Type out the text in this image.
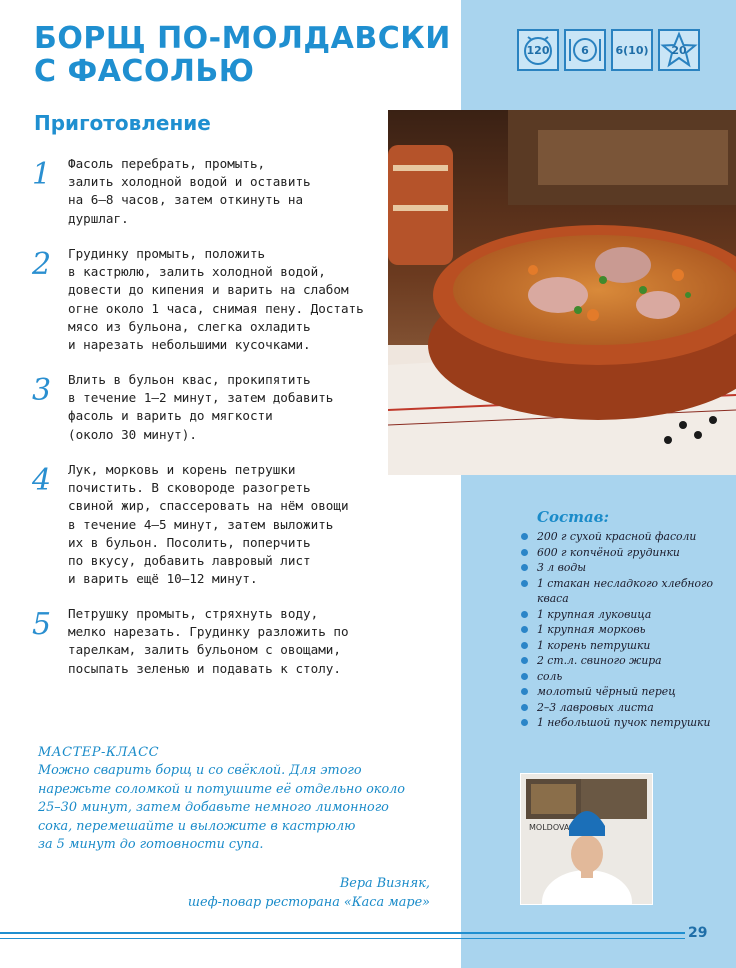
БОРЩ ПО-МОЛДАВСКИ
С ФАСОЛЬЮ
Приготовление
120	6 6(10) 20
1 Фасоль перебрать, промыть,
залить холодной водой и оставить
на 6–8 часов, затем откинуть на
дуршлаг.
2 Грудинку промыть, положить
в кастрюлю, залить холодной водой,
довести до кипения и варить на слабом
огне около 1 часа, снимая пену. Достать
мясо из бульона, слегка охладить
и нарезать небольшими кусочками.
3 Влить в бульон квас, прокипятить
в течение 1–2 минут, затем добавить
фасоль и варить до мягкости
(около 30 минут).
4 Лук, морковь и корень петрушки
почистить. В сковороде разогреть
свиной жир, спассеровать на нём овощи
в течение 4–5 минут, затем выложить
их в бульон. Посолить, поперчить
по вкусу, добавить лавровый лист
и варить ещё 10–12 минут.
5 Петрушку промыть, стряхнуть воду,
мелко нарезать. Грудинку разложить по
тарелкам, залить бульоном с овощами,
посыпать зеленью и подавать к столу.
Состав:
200 г сухой красной фасоли
600 г копчёной грудинки
3 л воды
1 стакан несладкого хлебного кваса
1 крупная луковица
1 крупная морковь
1 корень петрушки
2 ст.л. свиного жира
соль
молотый чёрный перец
2–3 лавровых листа
1 небольшой пучок петрушки
MOLDOVA
МАСТЕР-КЛАСС
Можно сварить борщ и со свёклой. Для этого
нарежьте соломкой и потушите её отдельно около
25–30 минут, затем добавьте немного лимонного
сока, перемешайте и выложите в кастрюлю
за 5 минут до готовности супа.
Вера Визняк,
шеф-повар ресторана «Каса маре»
29
